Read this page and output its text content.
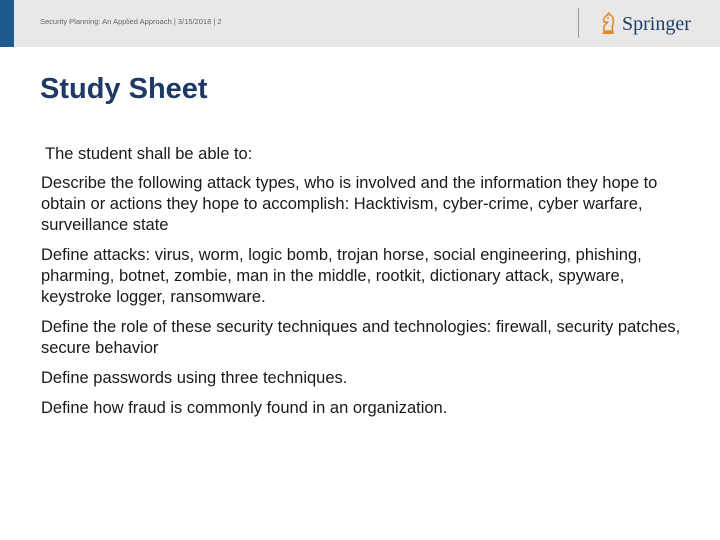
Security Planning: An Applied Approach | 3/15/2018 | 2	Springer
Study Sheet

The student shall be able to:

Describe the following attack types, who is involved and the information they hope to obtain or actions they hope to accomplish: Hacktivism, cyber-crime, cyber warfare, surveillance state
Define attacks: virus, worm, logic bomb, trojan horse, social engineering, phishing, pharming, botnet, zombie, man in the middle, rootkit, dictionary attack, spyware, keystroke logger, ransomware.
Define the role of these security techniques and technologies: firewall, security patches, secure behavior
Define passwords using three techniques.
Define how fraud is commonly found in an organization.
